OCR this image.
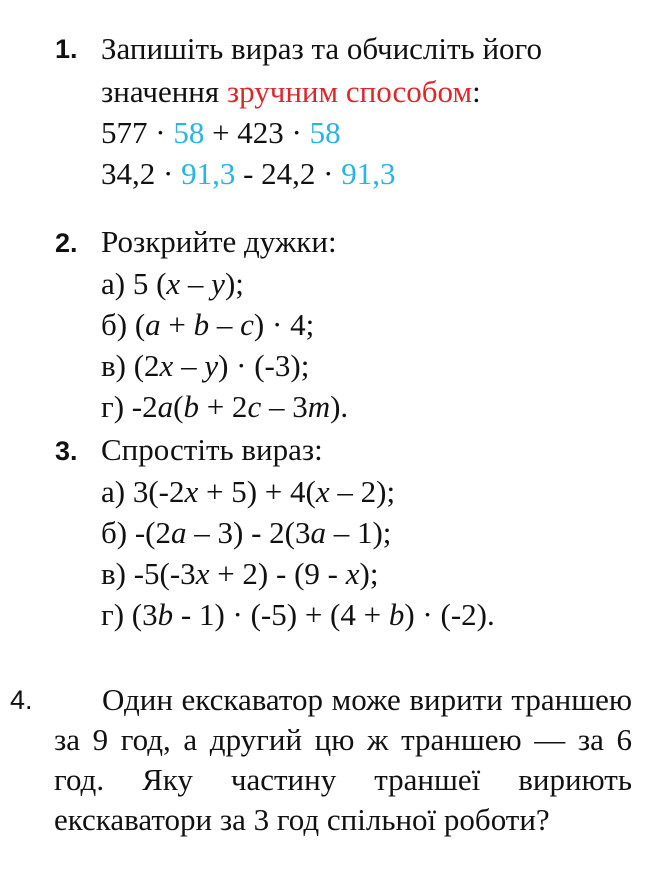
1. Запишіть вираз та обчисліть його
значення зручним способом:
577 · 58 + 423 · 58
34,2 · 91,3 - 24,2 · 91,3
2. Розкрийте дужки:
а) 5 (x – y);
б) (a + b – c) · 4;
в) (2x – y) · (-3);
г) -2a(b + 2c – 3m).
3. Спростіть вираз:
а) 3(-2x + 5) + 4(x – 2);
б) -(2a – 3) - 2(3a – 1);
в) -5(-3x + 2) - (9 - x);
г) (3b - 1) · (-5) + (4 + b) · (-2).
4.	Один екскаватор може вирити траншею за 9 год, а другий цю ж траншею — за 6 год. Яку частину траншеї вириють екскаватори за 3 год спільної роботи?
